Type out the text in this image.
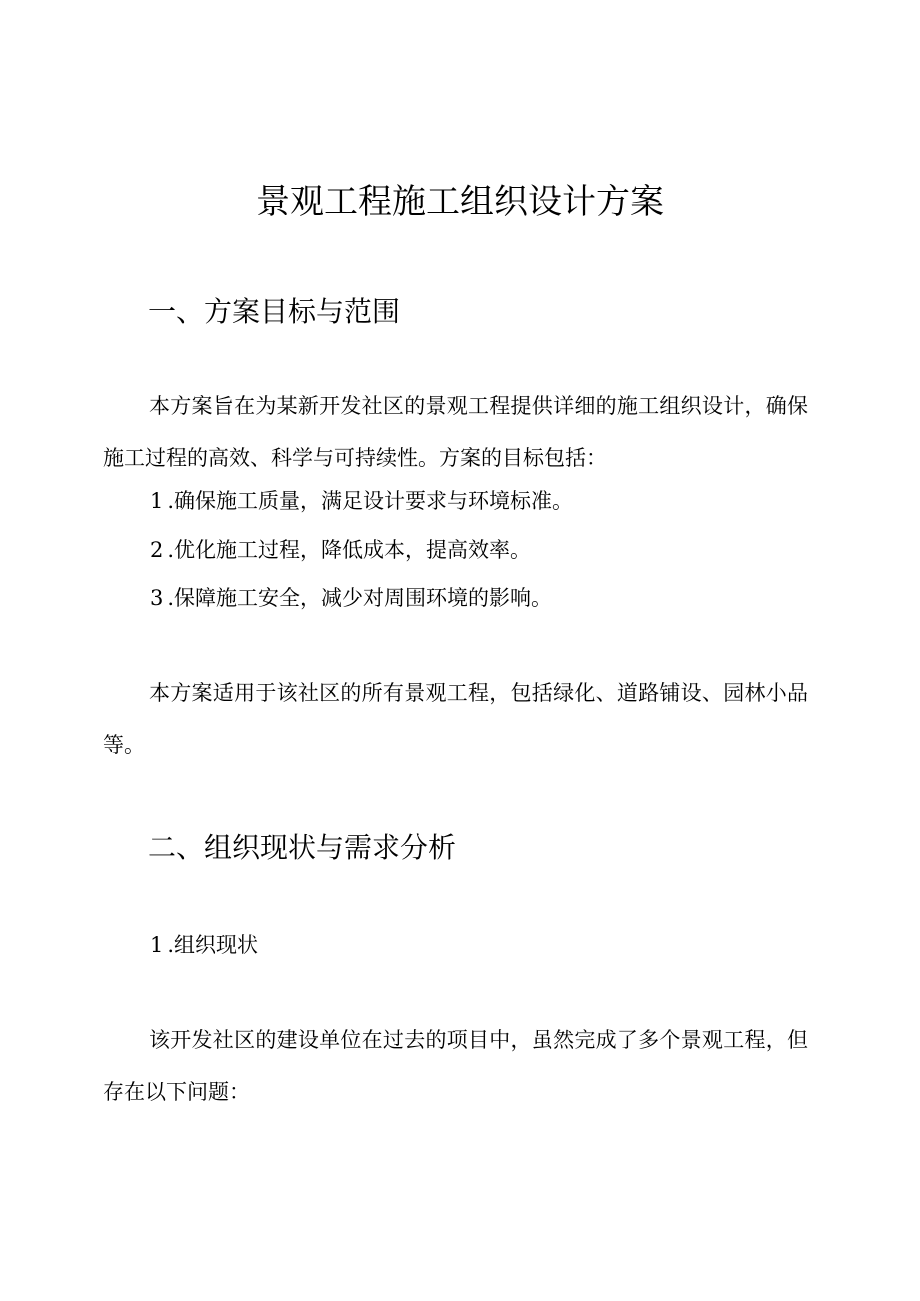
景观工程施工组织设计方案
一、方案目标与范围

本方案旨在为某新开发社区的景观工程提供详细的施工组织设计，确保施工过程的高效、科学与可持续性。方案的目标包括：

1 .确保施工质量，满足设计要求与环境标准。

2 .优化施工过程，降低成本，提高效率。

3 .保障施工安全，减少对周围环境的影响。

本方案适用于该社区的所有景观工程，包括绿化、道路铺设、园林小品等。

二、组织现状与需求分析

1 .组织现状

该开发社区的建设单位在过去的项目中，虽然完成了多个景观工程，但存在以下问题：
